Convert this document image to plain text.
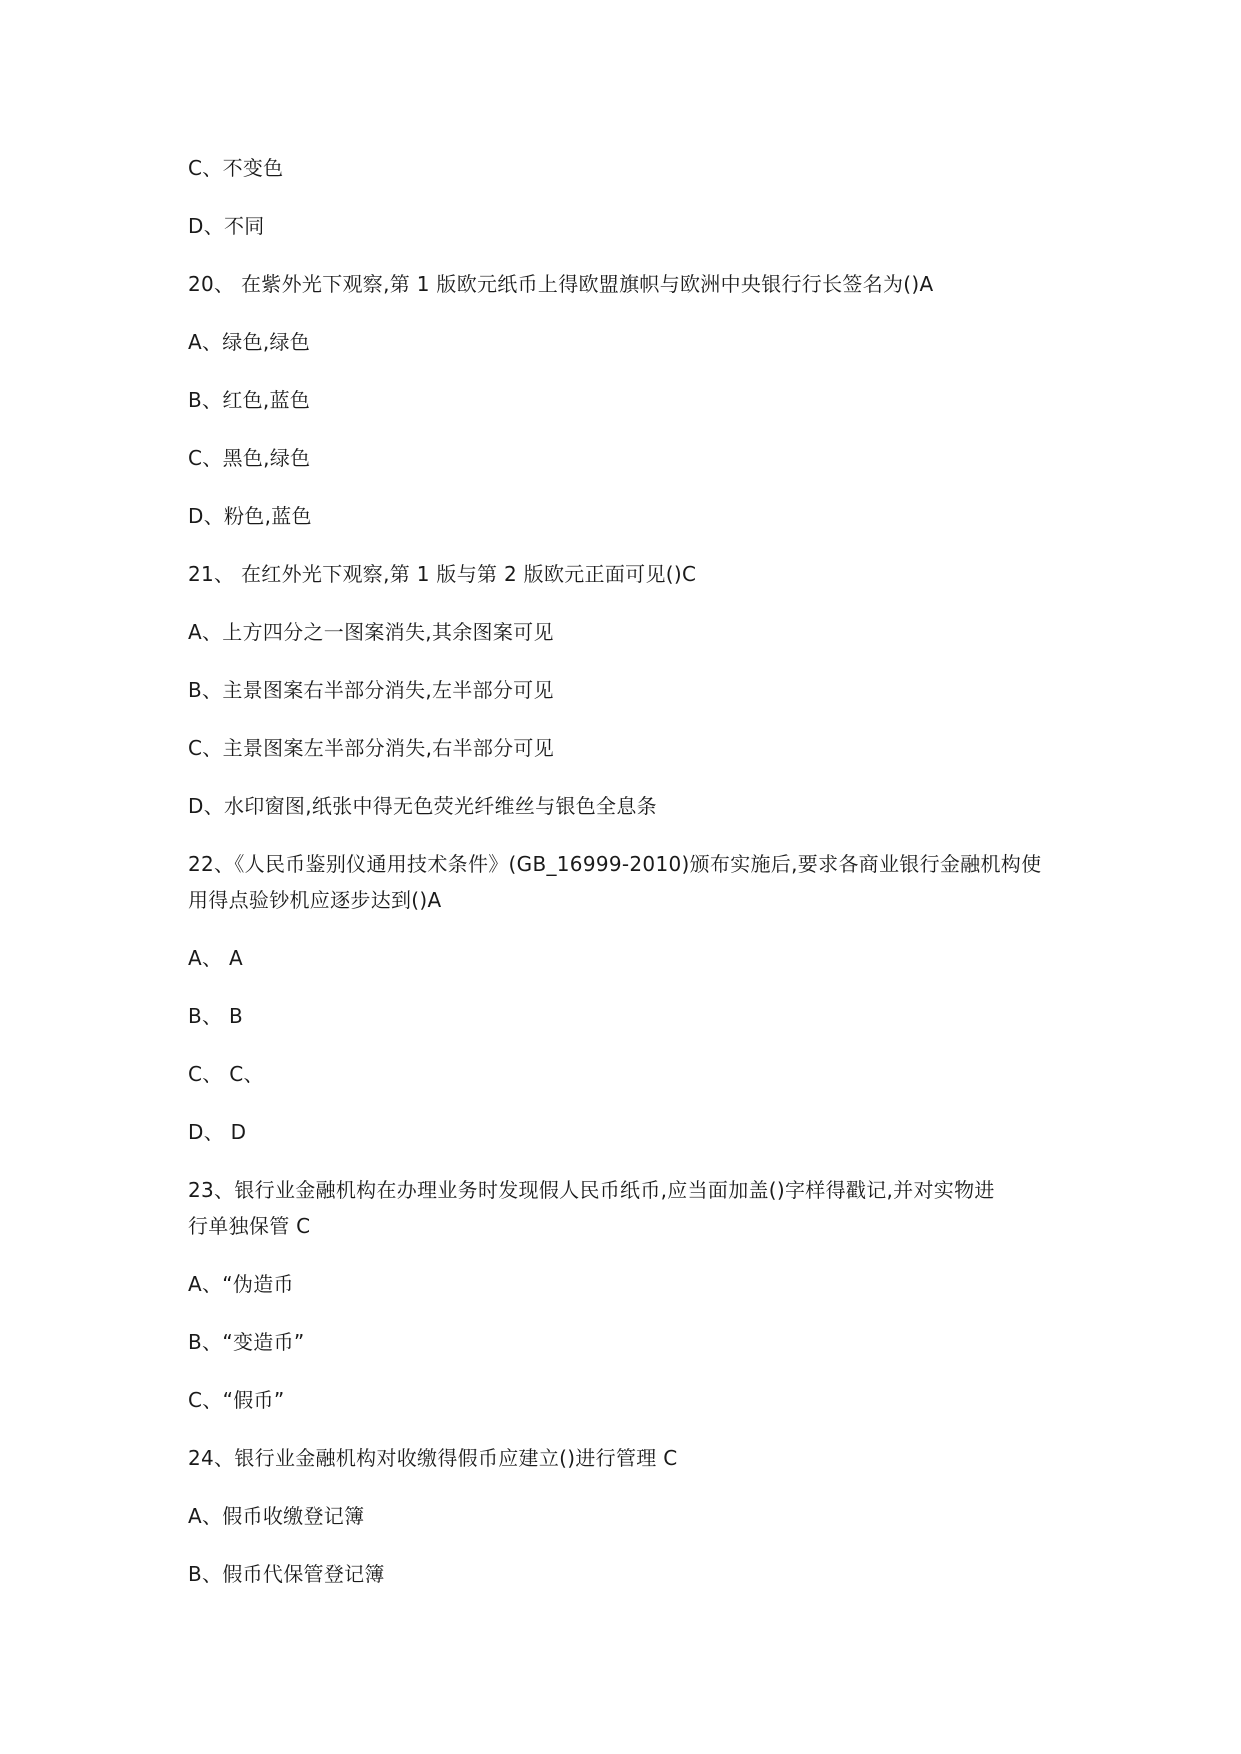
C、不变色
D、不同
20、 在紫外光下观察,第 1 版欧元纸币上得欧盟旗帜与欧洲中央银行行长签名为()A
A、绿色,绿色
B、红色,蓝色
C、黑色,绿色
D、粉色,蓝色
21、 在红外光下观察,第 1 版与第 2 版欧元正面可见()C
A、上方四分之一图案消失,其余图案可见
B、主景图案右半部分消失,左半部分可见
C、主景图案左半部分消失,右半部分可见
D、水印窗图,纸张中得无色荧光纤维丝与银色全息条
22、《人民币鉴别仪通用技术条件》(GB_16999-2010)颁布实施后,要求各商业银行金融机构使
用得点验钞机应逐步达到()A
A、 A
B、 B
C、 C、
D、 D
23、银行业金融机构在办理业务时发现假人民币纸币,应当面加盖()字样得戳记,并对实物进
行单独保管 C
A、“伪造币
B、“变造币”
C、“假币”
24、银行业金融机构对收缴得假币应建立()进行管理 C
A、假币收缴登记簿
B、假币代保管登记簿
